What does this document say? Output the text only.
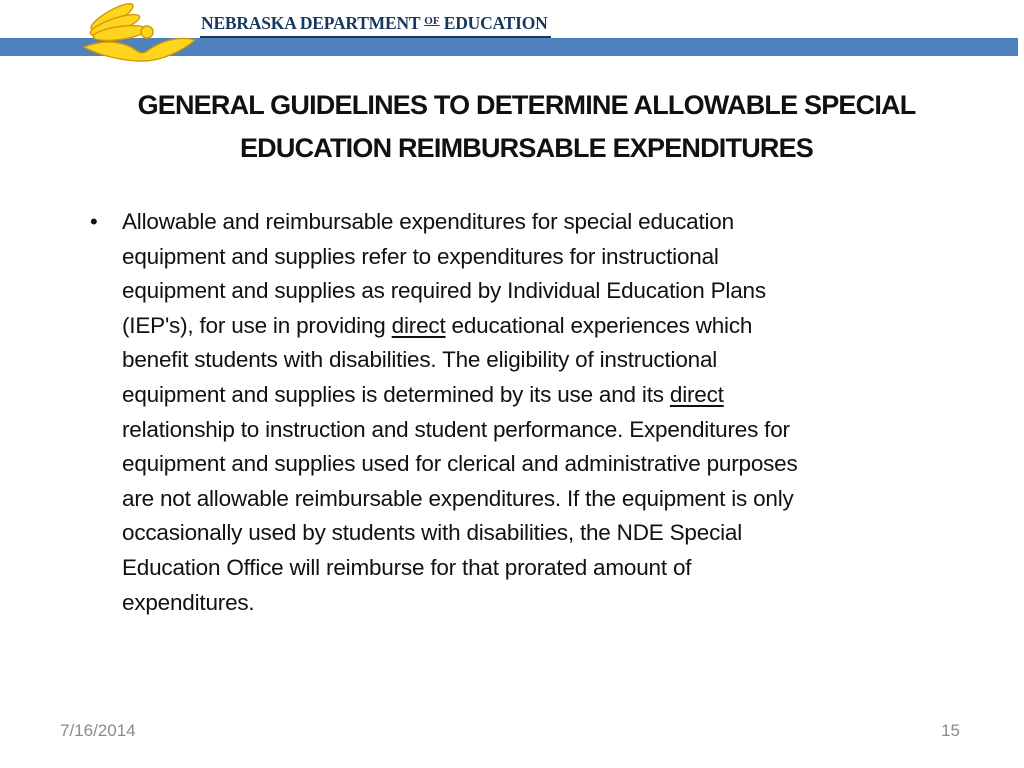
NEBRASKA DEPARTMENT $^{OF}$ EDUCATION
GENERAL GUIDELINES TO DETERMINE ALLOWABLE SPECIAL
EDUCATION REIMBURSABLE EXPENDITURES
• Allowable and reimbursable expenditures for special education
equipment and supplies refer to expenditures for instructional
equipment and supplies as required by Individual Education Plans
(IEP's), for use in providing direct educational experiences which
benefit students with disabilities. The eligibility of instructional
equipment and supplies is determined by its use and its direct
relationship to instruction and student performance. Expenditures for
equipment and supplies used for clerical and administrative purposes
are not allowable reimbursable expenditures. If the equipment is only
occasionally used by students with disabilities, the NDE Special
Education Office will reimburse for that prorated amount of
expenditures.
7/16/2014	15
